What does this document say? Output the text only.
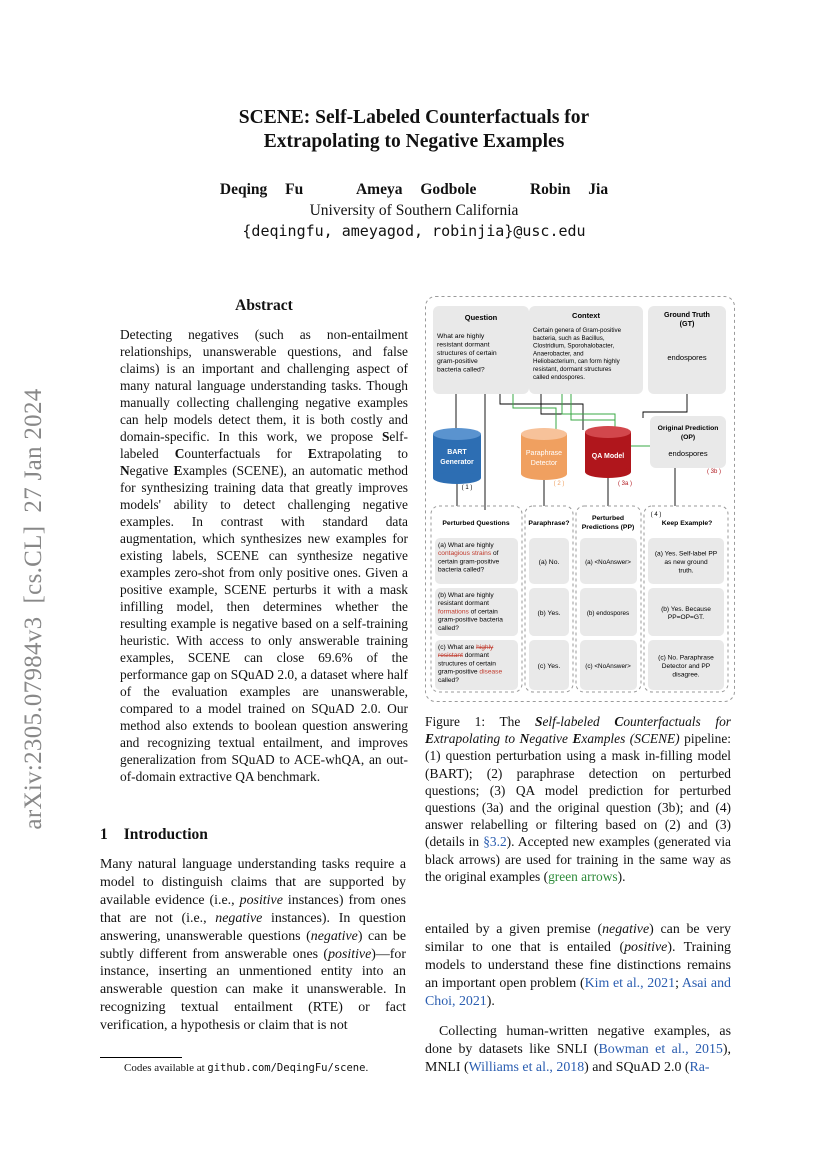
SCENE: Self-Labeled Counterfactuals for
Extrapolating to Negative Examples
Deqing Fu   Ameya Godbole   Robin Jia
University of Southern California
{deqingfu, ameyagod, robinjia}@usc.edu
arXiv:2305.07984v3  [cs.CL]  27 Jan 2024
Abstract
Detecting negatives (such as non-entailment relationships, unanswerable questions, and false claims) is an important and challenging aspect of many natural language understanding tasks. Though manually collecting challenging negative examples can help models detect them, it is both costly and domain-specific. In this work, we propose Self-labeled Counterfactuals for Extrapolating to Negative Examples (SCENE), an automatic method for synthesizing training data that greatly improves models' ability to detect challenging negative examples. In contrast with standard data augmentation, which synthesizes new examples for existing labels, SCENE can synthesize negative examples zero-shot from only positive ones. Given a positive example, SCENE perturbs it with a mask infilling model, then determines whether the resulting example is negative based on a self-training heuristic. With access to only answerable training examples, SCENE can close 69.6% of the performance gap on SQuAD 2.0, a dataset where half of the evaluation examples are unanswerable, compared to a model trained on SQuAD 2.0. Our method also extends to boolean question answering and recognizing textual entailment, and improves generalization from SQuAD to ACE-whQA, an out-of-domain extractive QA benchmark.
1 Introduction
Many natural language understanding tasks require a model to distinguish claims that are supported by available evidence (i.e., positive instances) from ones that are not (i.e., negative instances). In question answering, unanswerable questions (negative) can be subtly different from answerable ones (positive)—for instance, inserting an unmentioned entity into an answerable question can make it unanswerable. In recognizing textual entailment (RTE) or fact verification, a hypothesis or claim that is not
Codes available at github.com/DeqingFu/scene.
Question
What are highly
resistant dormant
structures of certain
gram-positive
bacteria called?
Context
Certain genera of Gram-positive
bacteria, such as Bacillus,
Clostridium, Sporohalobacter,
Anaerobacter, and
Heliobacterium, can form highly
resistant, dormant structures
called endospores.
Ground Truth
(GT)
endospores
BART
Generator
Paraphrase
Detector
QA Model
Original Prediction
(OP)
endospores
( 1 )
( 2 )	( 3a )
( 3b )
( 4 )
Perturbed Questions	Paraphrase?
Perturbed
Predictions (PP)
Keep Example?
(a) What are highly
contagious strains of
certain gram-positive
bacteria called?
(a) No.	(a) <NoAnswer>
(a) Yes. Self-label PP
as new ground
truth.
(b) What are highly
resistant dormant
formations of certain
gram-positive bacteria
called?
(b) Yes.	(b) endospores
(b) Yes. Because
PP=OP=GT.
(c) What are highly
resistant dormant
structures of certain
gram-positive disease
called?
(c) Yes.	(c) <NoAnswer>
(c) No. Paraphrase
Detector and PP
disagree.
Figure 1: The Self-labeled Counterfactuals for Extrapolating to Negative Examples (SCENE) pipeline: (1) question perturbation using a mask in-filling model (BART); (2) paraphrase detection on perturbed questions; (3) QA model prediction for perturbed questions (3a) and the original question (3b); and (4) answer relabelling or filtering based on (2) and (3) (details in §3.2). Accepted new examples (generated via black arrows) are used for training in the same way as the original examples (green arrows).
entailed by a given premise (negative) can be very similar to one that is entailed (positive). Training models to understand these fine distinctions remains an important open problem (Kim et al., 2021; Asai and Choi, 2021).
Collecting human-written negative examples, as done by datasets like SNLI (Bowman et al., 2015), MNLI (Williams et al., 2018) and SQuAD 2.0 (Ra-
